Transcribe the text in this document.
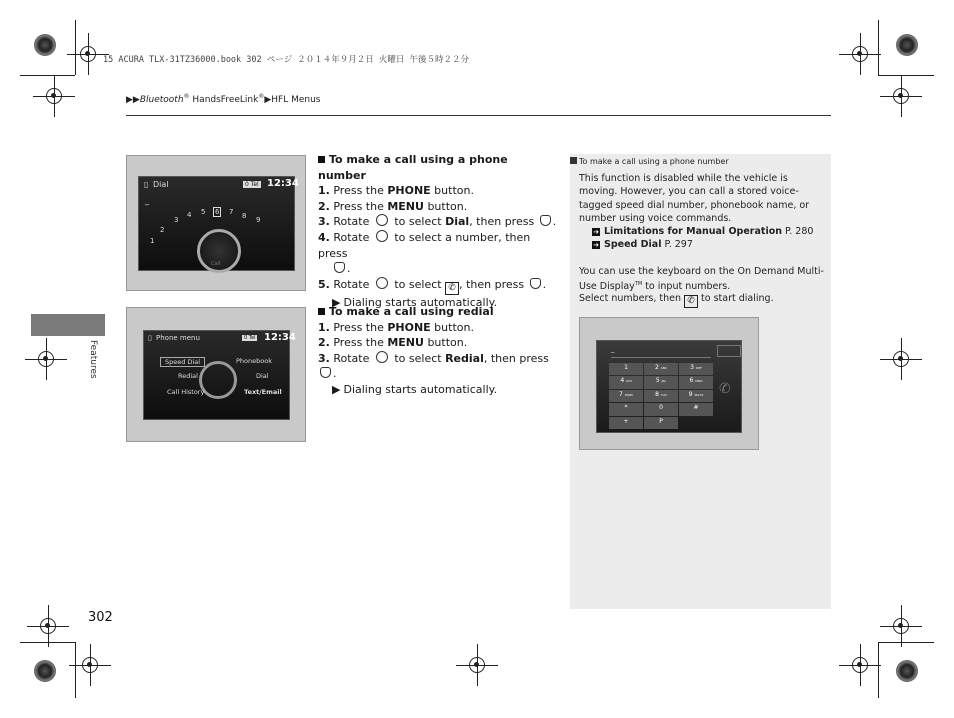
15 ACURA TLX-31TZ36000.book 302 ページ ２０１４年９月２日 火曜日 午後５時２２分
▶▶Bluetooth® HandsFreeLink®▶HFL Menus
Features
▯ Dial	0 Tel 12:34
_
1
2
3
4 5 6 7 8 9
Call
▯ Phone menu	0 Tel 12:34
Speed Dial	Phonebook
Redial	Dial
Call History	Text/Email
To make a call using a phone number
1. Press the PHONE button.
2. Press the MENU button.
3. Rotate  to select Dial, then press .
4. Rotate  to select a number, then press
.
5. Rotate  to select ✆ , then press .
▶ Dialing starts automatically.
To make a call using redial
1. Press the PHONE button.
2. Press the MENU button.
3. Rotate  to select Redial, then press .
▶ Dialing starts automatically.
To make a call using a phone number
This function is disabled while the vehicle is moving. However, you can call a stored voice-tagged speed dial number, phonebook name, or number using voice commands.
➔ Limitations for Manual Operation P. 280
➔ Speed Dial P. 297
You can use the keyboard on the On Demand Multi-Use Display™ to input numbers.
Select numbers, then ✆ to start dialing.
_
1	2 ABC	3 DEF
4 GHI	5 JKL	6 MNO
7 PQRS	8 TUV	9 WXYZ
*	0	#
+	P
✆
302
